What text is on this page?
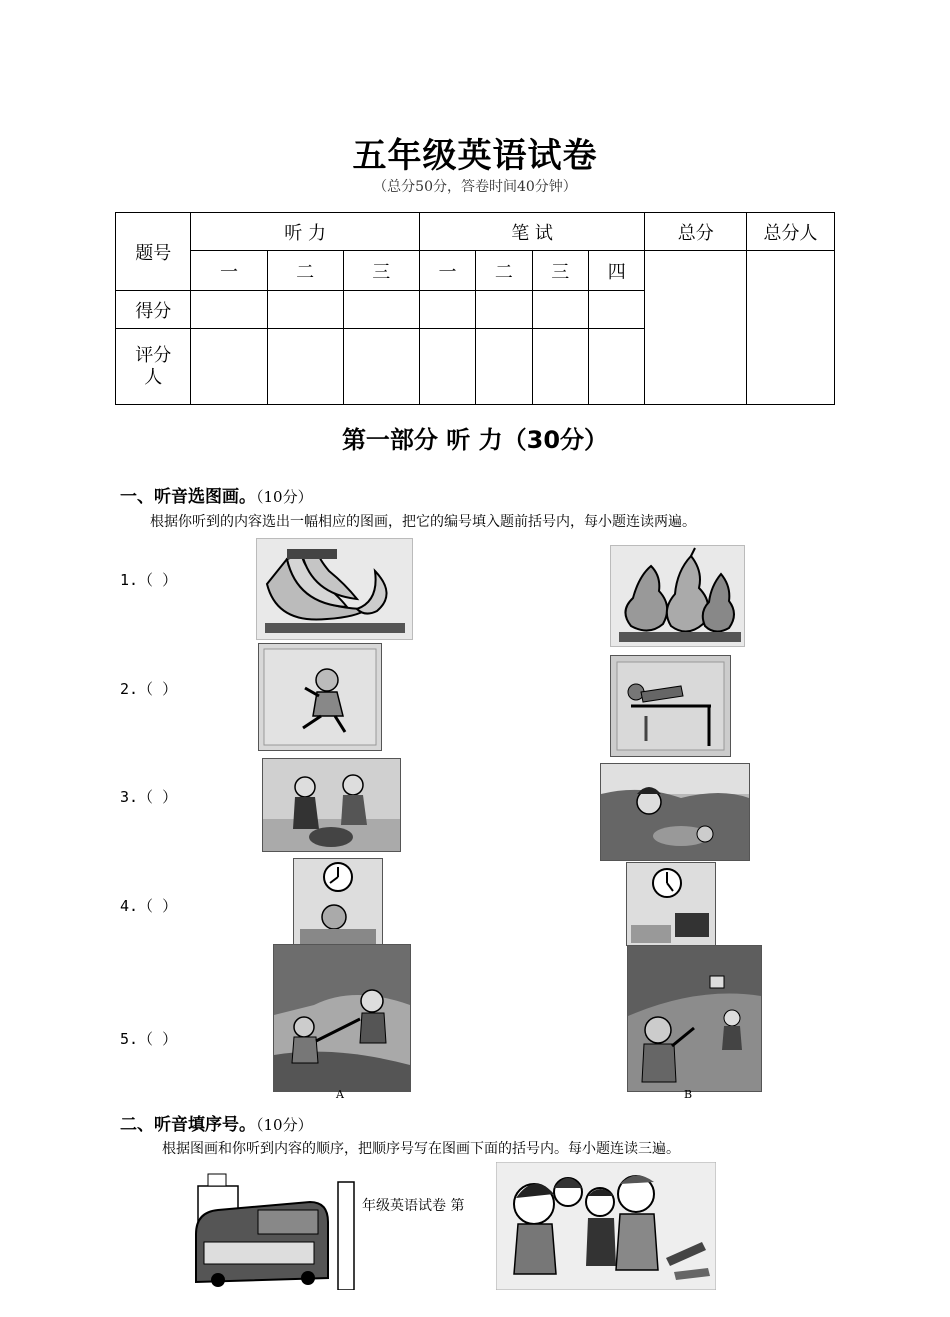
五年级英语试卷
（总分50分，答卷时间40分钟）
题号	听 力			笔 试				总分	总分人
	一	二	三	一	二	三	四		
得分									
评分人									
第一部分 听 力（30分）
一、听音选图画。（10分）
根据你听到的内容选出一幅相应的图画，把它的编号填入题前括号内，每小题连读两遍。
1.（ ）
2.（ ）
3.（ ）
4.（ ）
5.（ ）
A	B
二、听音填序号。（10分）
根据图画和你听到内容的顺序，把顺序号写在图画下面的括号内。每小题连读三遍。
年级英语试卷 第
